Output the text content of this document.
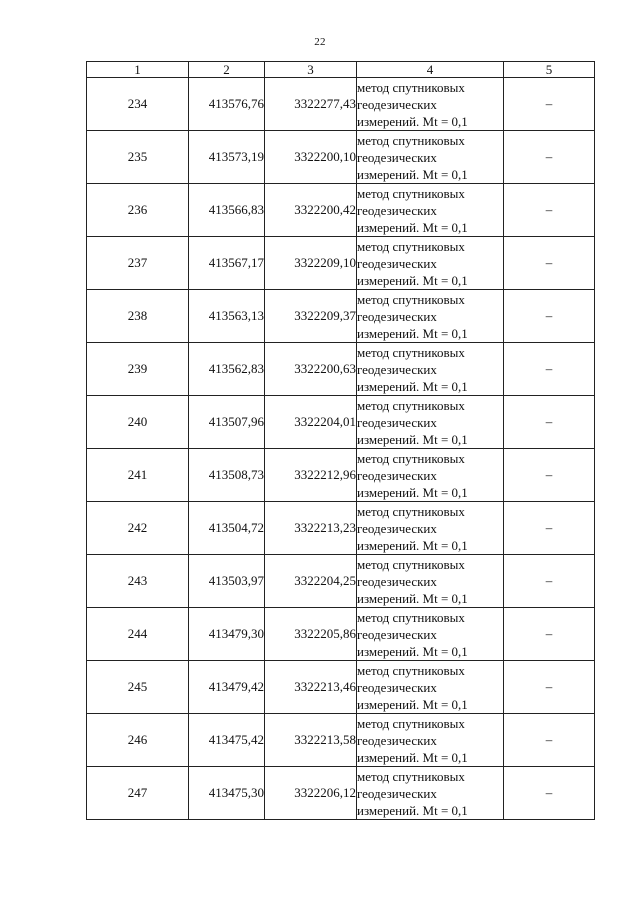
22
1	2	3	4	5
234	413576,76	3322277,43	метод спутниковых
геодезических
измерений. Mt = 0,1	–
235	413573,19	3322200,10	метод спутниковых
геодезических
измерений. Mt = 0,1	–
236	413566,83	3322200,42	метод спутниковых
геодезических
измерений. Mt = 0,1	–
237	413567,17	3322209,10	метод спутниковых
геодезических
измерений. Mt = 0,1	–
238	413563,13	3322209,37	метод спутниковых
геодезических
измерений. Mt = 0,1	–
239	413562,83	3322200,63	метод спутниковых
геодезических
измерений. Mt = 0,1	–
240	413507,96	3322204,01	метод спутниковых
геодезических
измерений. Mt = 0,1	–
241	413508,73	3322212,96	метод спутниковых
геодезических
измерений. Mt = 0,1	–
242	413504,72	3322213,23	метод спутниковых
геодезических
измерений. Mt = 0,1	–
243	413503,97	3322204,25	метод спутниковых
геодезических
измерений. Mt = 0,1	–
244	413479,30	3322205,86	метод спутниковых
геодезических
измерений. Mt = 0,1	–
245	413479,42	3322213,46	метод спутниковых
геодезических
измерений. Mt = 0,1	–
246	413475,42	3322213,58	метод спутниковых
геодезических
измерений. Mt = 0,1	–
247	413475,30	3322206,12	метод спутниковых
геодезических
измерений. Mt = 0,1	–
